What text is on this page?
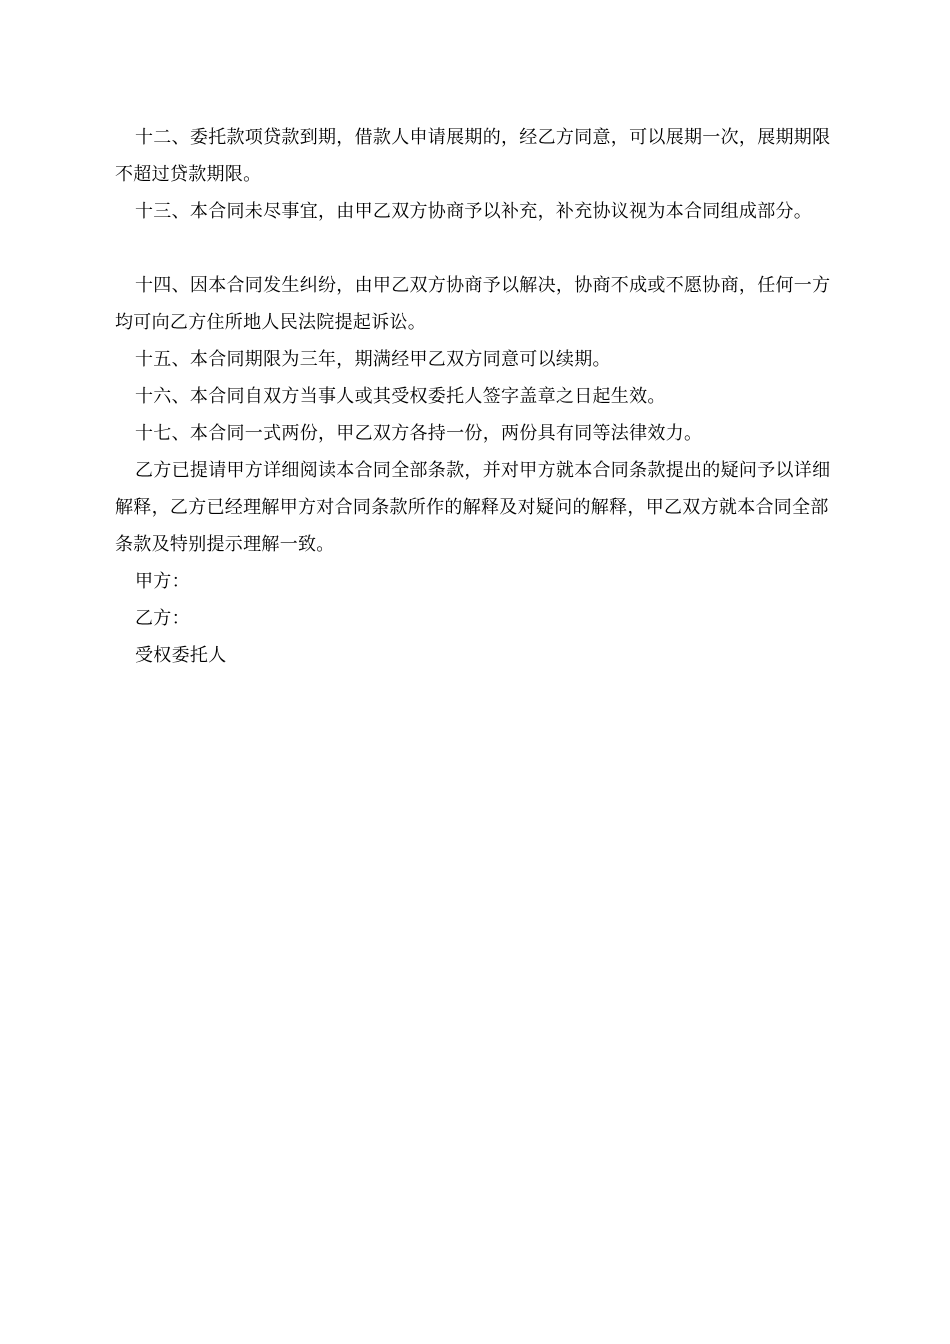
十二、委托款项贷款到期，借款人申请展期的，经乙方同意，可以展期一次，展期期限不超过贷款期限。

十三、本合同未尽事宜，由甲乙双方协商予以补充，补充协议视为本合同组成部分。

十四、因本合同发生纠纷，由甲乙双方协商予以解决，协商不成或不愿协商，任何一方均可向乙方住所地人民法院提起诉讼。

十五、本合同期限为三年，期满经甲乙双方同意可以续期。

十六、本合同自双方当事人或其受权委托人签字盖章之日起生效。

十七、本合同一式两份，甲乙双方各持一份，两份具有同等法律效力。

乙方已提请甲方详细阅读本合同全部条款，并对甲方就本合同条款提出的疑问予以详细解释，乙方已经理解甲方对合同条款所作的解释及对疑问的解释，甲乙双方就本合同全部条款及特别提示理解一致。

甲方：

乙方：

受权委托人
